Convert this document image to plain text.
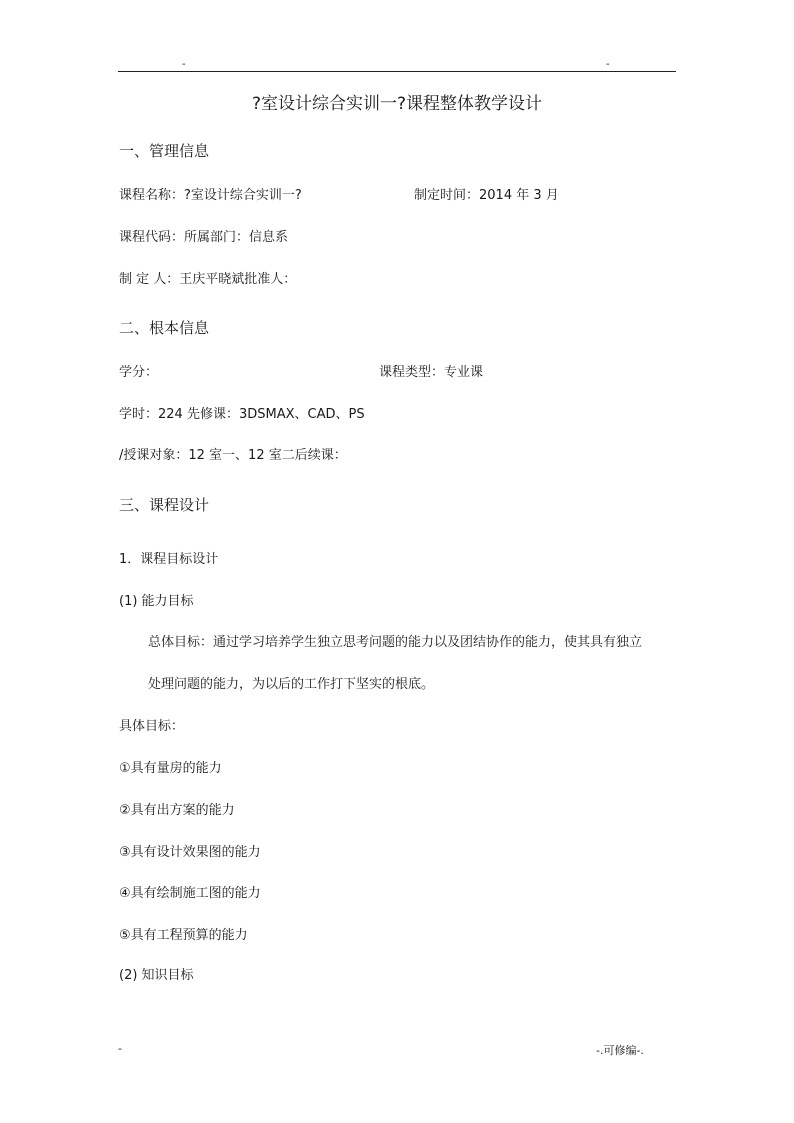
-	-
?室设计综合实训一?课程整体教学设计
一、管理信息
课程名称：?室设计综合实训一?	制定时间：2014 年 3 月
课程代码：所属部门：信息系
制 定 人：王庆平晓斌批准人：
二、根本信息
学分：	课程类型：专业课
学时：224 先修课：3DSMAX、CAD、PS
/授课对象：12 室一、12 室二后续课：
三、课程设计
1．课程目标设计
(1) 能力目标
总体目标：通过学习培养学生独立思考问题的能力以及团结协作的能力，使其具有独立
处理问题的能力，为以后的工作打下坚实的根底。
具体目标：
①具有量房的能力
②具有出方案的能力
③具有设计效果图的能力
④具有绘制施工图的能力
⑤具有工程预算的能力
(2) 知识目标
-	-.可修编-.
